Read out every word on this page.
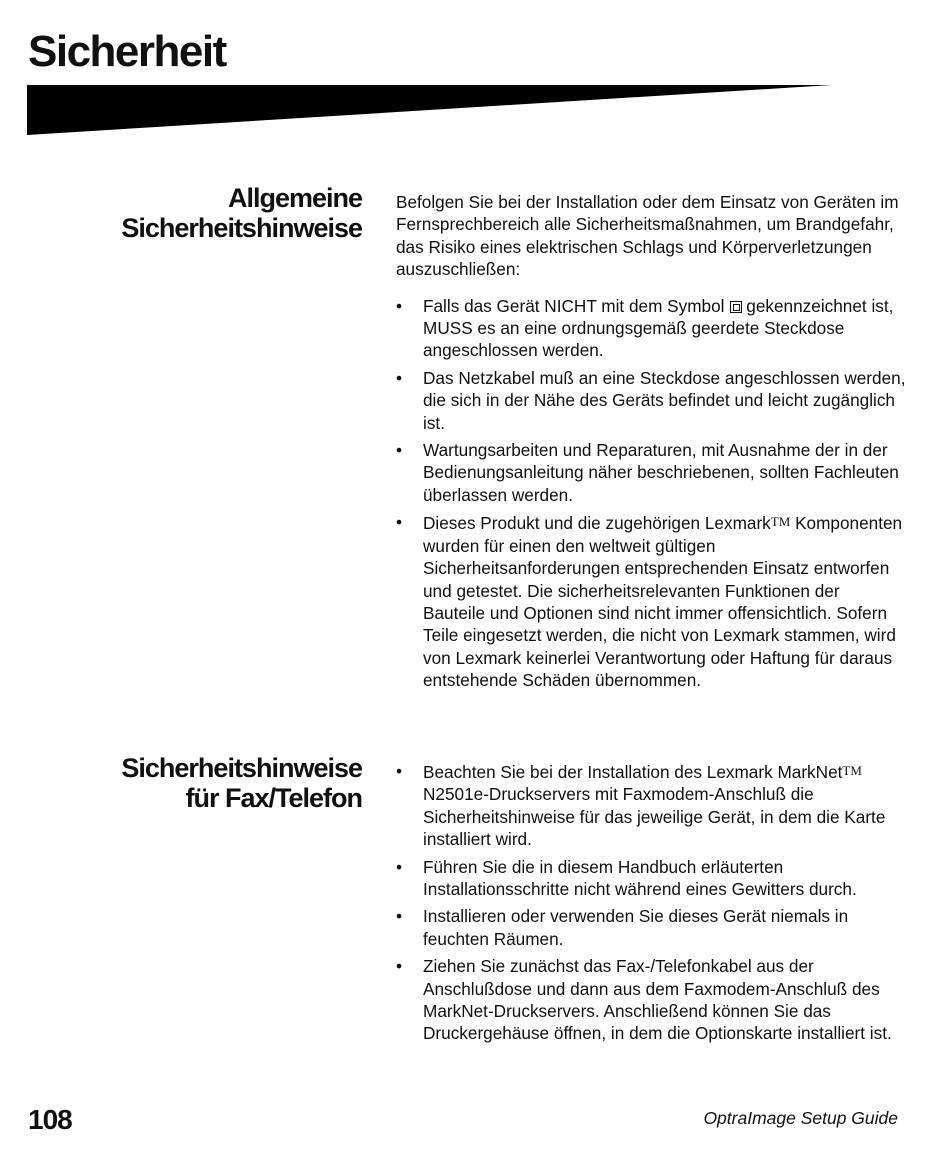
Sicherheit
Allgemeine
Sicherheitshinweise

Befolgen Sie bei der Installation oder dem Einsatz von Geräten im Fernsprechbereich alle Sicherheitsmaßnahmen, um Brandgefahr, das Risiko eines elektrischen Schlags und Körperverletzungen auszuschließen:

• Falls das Gerät NICHT mit dem Symbol gekennzeichnet ist, MUSS es an eine ordnungsgemäß geerdete Steckdose angeschlossen werden.
• Das Netzkabel muß an eine Steckdose angeschlossen werden, die sich in der Nähe des Geräts befindet und leicht zugänglich ist.
• Wartungsarbeiten und Reparaturen, mit Ausnahme der in der Bedienungsanleitung näher beschriebenen, sollten Fachleuten überlassen werden.
• Dieses Produkt und die zugehörigen LexmarkTM Komponenten wurden für einen den weltweit gültigen Sicherheitsanforderungen entsprechenden Einsatz entworfen und getestet. Die sicherheitsrelevanten Funktionen der Bauteile und Optionen sind nicht immer offensichtlich. Sofern Teile eingesetzt werden, die nicht von Lexmark stammen, wird von Lexmark keinerlei Verantwortung oder Haftung für daraus entstehende Schäden übernommen.
Sicherheitshinweise
für Fax/Telefon
• Beachten Sie bei der Installation des Lexmark MarkNetTM N2501e-Druckservers mit Faxmodem-Anschluß die Sicherheitshinweise für das jeweilige Gerät, in dem die Karte installiert wird.
• Führen Sie die in diesem Handbuch erläuterten Installationsschritte nicht während eines Gewitters durch.
• Installieren oder verwenden Sie dieses Gerät niemals in feuchten Räumen.
• Ziehen Sie zunächst das Fax-/Telefonkabel aus der Anschlußdose und dann aus dem Faxmodem-Anschluß des MarkNet-Druckservers. Anschließend können Sie das Druckergehäuse öffnen, in dem die Optionskarte installiert ist.
108	OptraImage Setup Guide
